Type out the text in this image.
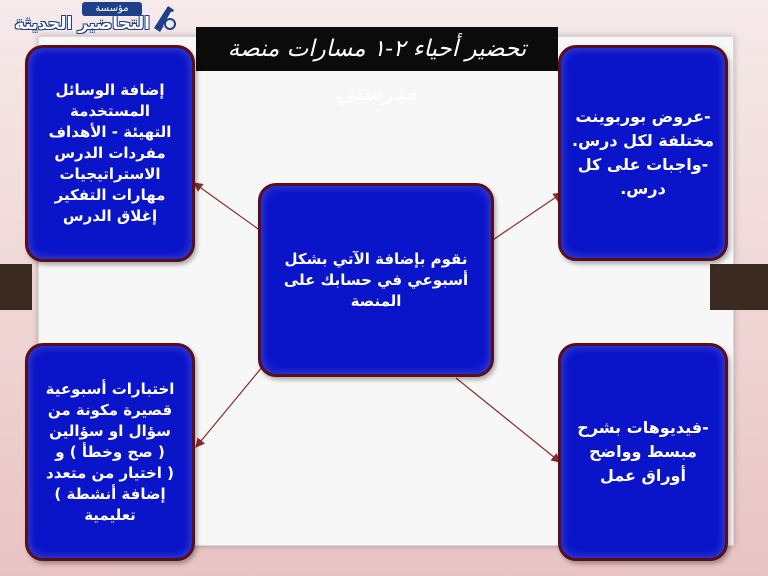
مؤسسة
التحاضير الحديثة
تحضير أحياء ٢-١ مسارات منصة مدرستي
إضافة الوسائل
المستخدمة
التهيئة - الأهداف
مفردات الدرس
الاستراتيجيات
مهارات التفكير
إغلاق الدرس
-عروض بوربوينت
مختلفة لكل درس.
-واجبات على كل
درس.
نقوم بإضافة الآتي بشكل
أسبوعي في حسابك على
المنصة
اختبارات أسبوعية
قصيرة مكونة من
سؤال او سؤالين
( صح وخطأ ) و
( اختيار من متعدد
إضافة أنشطة )
تعليمية
-فيديوهات بشرح
مبسط وواضح
أوراق عمل
